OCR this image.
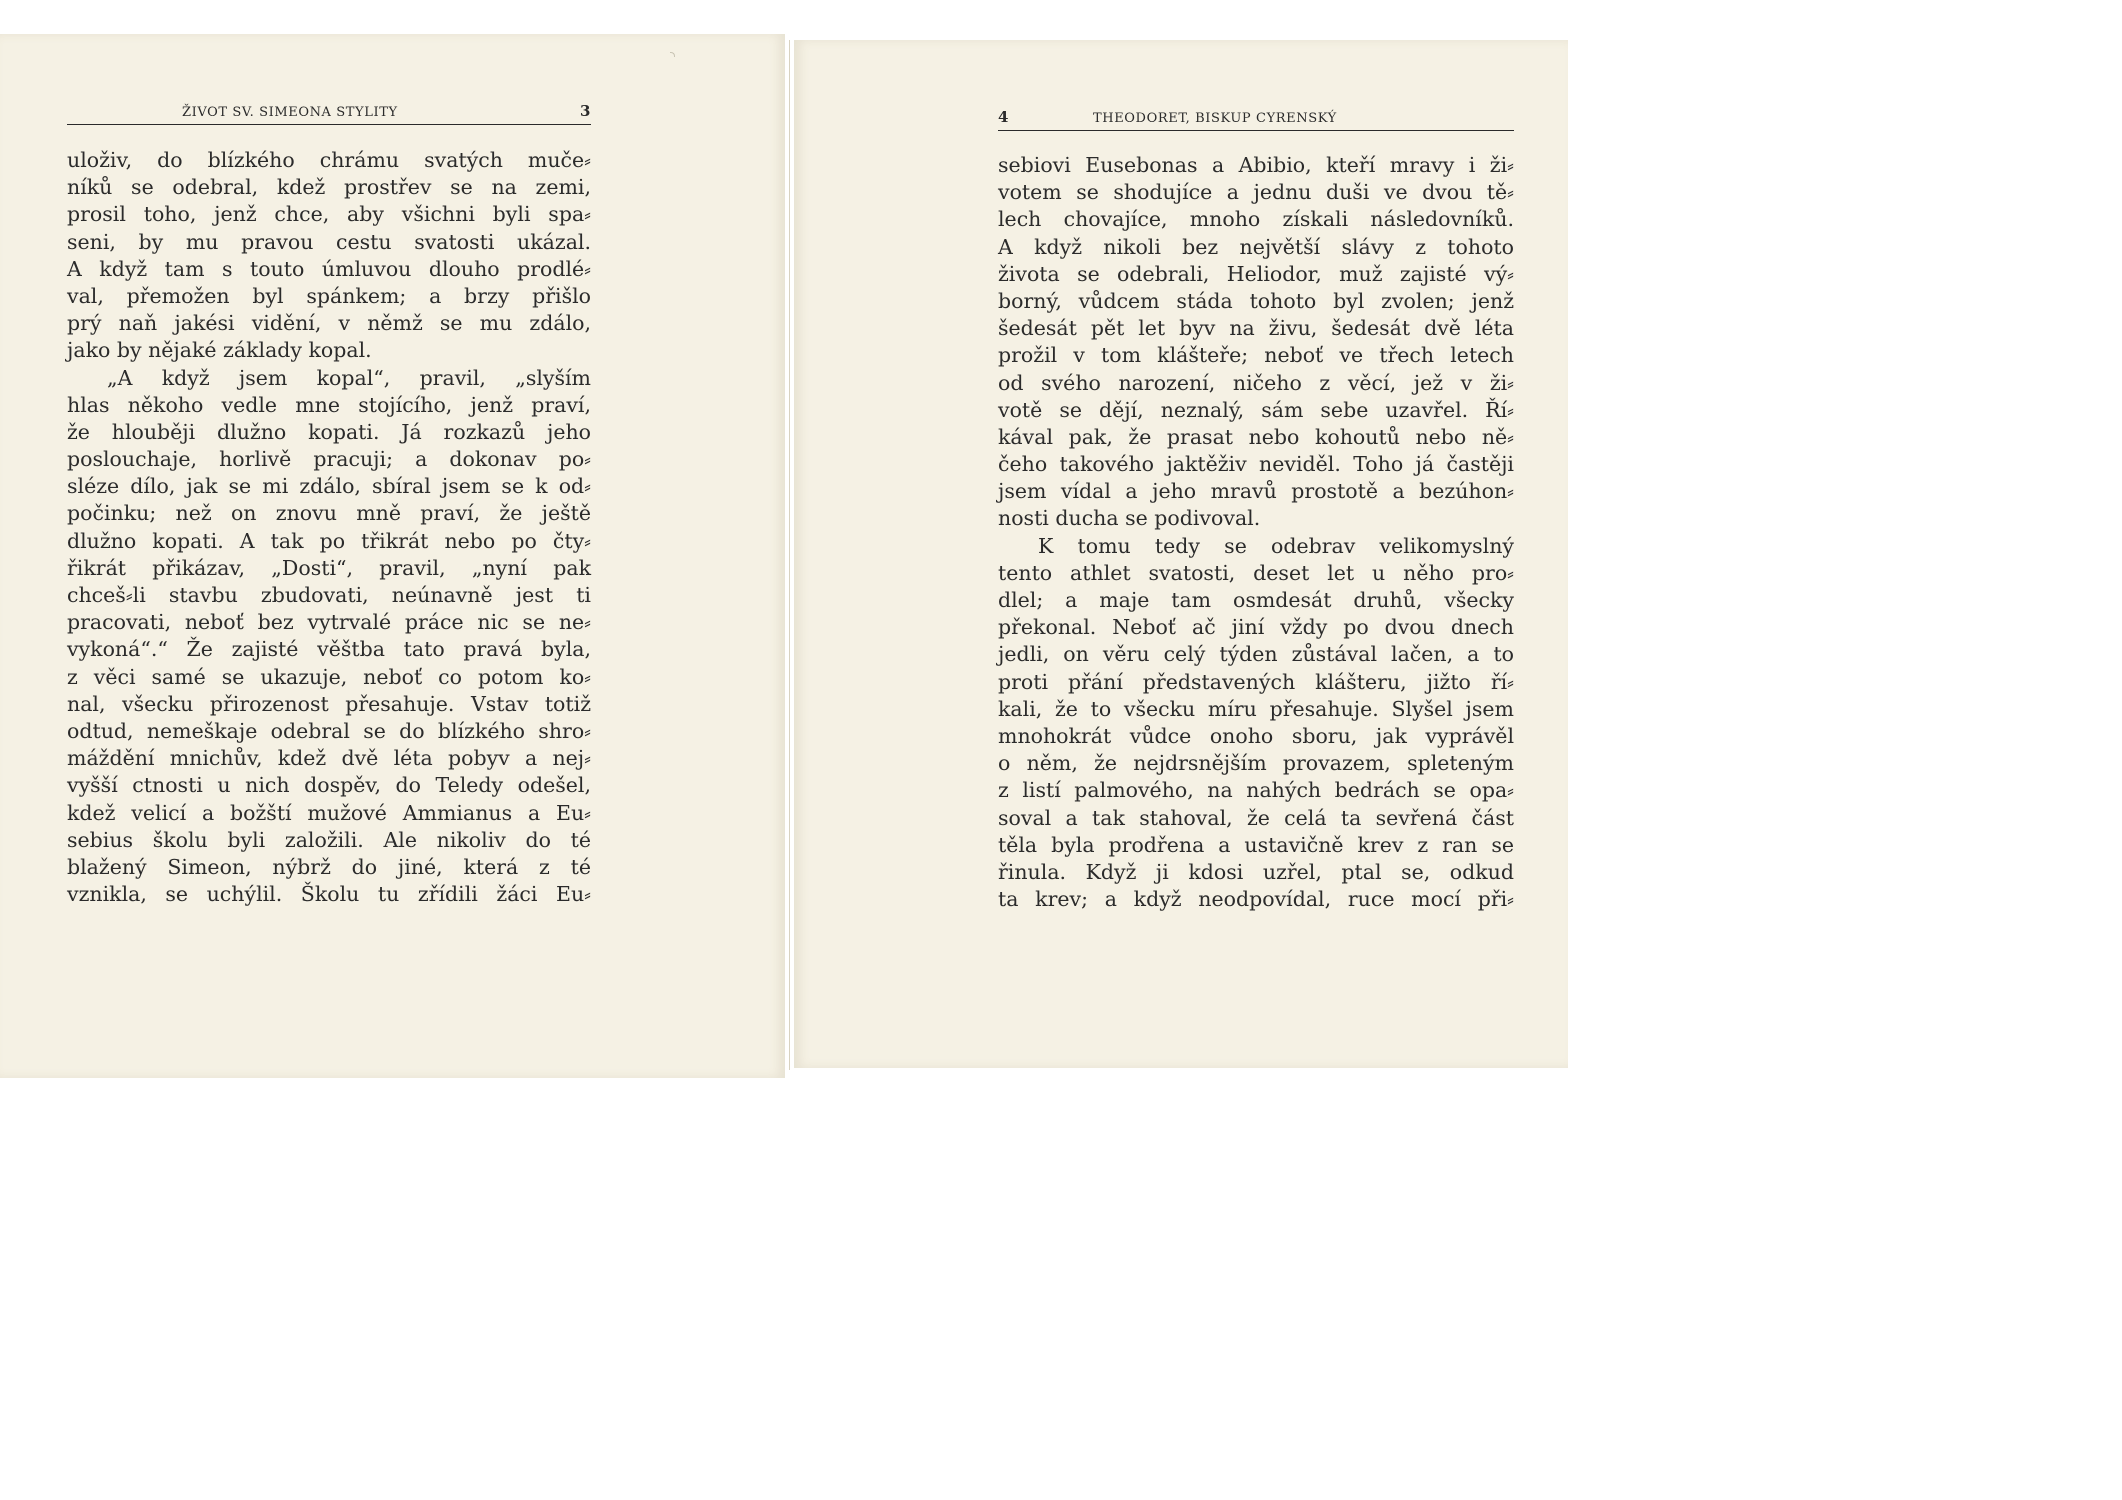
ŽIVOT SV. SIMEONA STYLITY	3
uloživ, do blízkého chrámu svatých muče⸗
níků se odebral, kdež prostřev se na zemi,
prosil toho, jenž chce, aby všichni byli spa⸗
seni, by mu pravou cestu svatosti ukázal.
A když tam s touto úmluvou dlouho prodlé⸗
val, přemožen byl spánkem; a brzy přišlo
prý naň jakési vidění, v němž se mu zdálo,
jako by nějaké základy kopal.
„A když jsem kopal“, pravil, „slyším
hlas někoho vedle mne stojícího, jenž praví,
že hlouběji dlužno kopati. Já rozkazů jeho
poslouchaje, horlivě pracuji; a dokonav po⸗
sléze dílo, jak se mi zdálo, sbíral jsem se k od⸗
počinku; než on znovu mně praví, že ještě
dlužno kopati. A tak po třikrát nebo po čty⸗
řikrát přikázav, „Dosti“, pravil, „nyní pak
chceš⸗li stavbu zbudovati, neúnavně jest ti
pracovati, neboť bez vytrvalé práce nic se ne⸗
vykoná“.“ Že zajisté věštba tato pravá byla,
z věci samé se ukazuje, neboť co potom ko⸗
nal, všecku přirozenost přesahuje. Vstav totiž
odtud, nemeškaje odebral se do blízkého shro⸗
máždění mnichův, kdež dvě léta pobyv a nej⸗
vyšší ctnosti u nich dospěv, do Teledy odešel,
kdež velicí a božští mužové Ammianus a Eu⸗
sebius školu byli založili. Ale nikoliv do té
blažený Simeon, nýbrž do jiné, která z té
vznikla, se uchýlil. Školu tu zřídili žáci Eu⸗
4	THEODORET, BISKUP CYRENSKÝ
sebiovi Eusebonas a Abibio, kteří mravy i ži⸗
votem se shodujíce a jednu duši ve dvou tě⸗
lech chovajíce, mnoho získali následovníků.
A když nikoli bez největší slávy z tohoto
života se odebrali, Heliodor, muž zajisté vý⸗
borný, vůdcem stáda tohoto byl zvolen; jenž
šedesát pět let byv na živu, šedesát dvě léta
prožil v tom klášteře; neboť ve třech letech
od svého narození, ničeho z věcí, jež v ži⸗
votě se dějí, neznalý, sám sebe uzavřel. Ří⸗
kával pak, že prasat nebo kohoutů nebo ně⸗
čeho takového jaktěživ neviděl. Toho já častěji
jsem vídal a jeho mravů prostotě a bezúhon⸗
nosti ducha se podivoval.
K tomu tedy se odebrav velikomyslný
tento athlet svatosti, deset let u něho pro⸗
dlel; a maje tam osmdesát druhů, všecky
překonal. Neboť ač jiní vždy po dvou dnech
jedli, on věru celý týden zůstával lačen, a to
proti přání představených klášteru, jižto ří⸗
kali, že to všecku míru přesahuje. Slyšel jsem
mnohokrát vůdce onoho sboru, jak vyprávěl
o něm, že nejdrsnějším provazem, spleteným
z listí palmového, na nahých bedrách se opa⸗
soval a tak stahoval, že celá ta sevřená část
těla byla prodřena a ustavičně krev z ran se
řinula. Když ji kdosi uzřel, ptal se, odkud
ta krev; a když neodpovídal, ruce mocí při⸗
